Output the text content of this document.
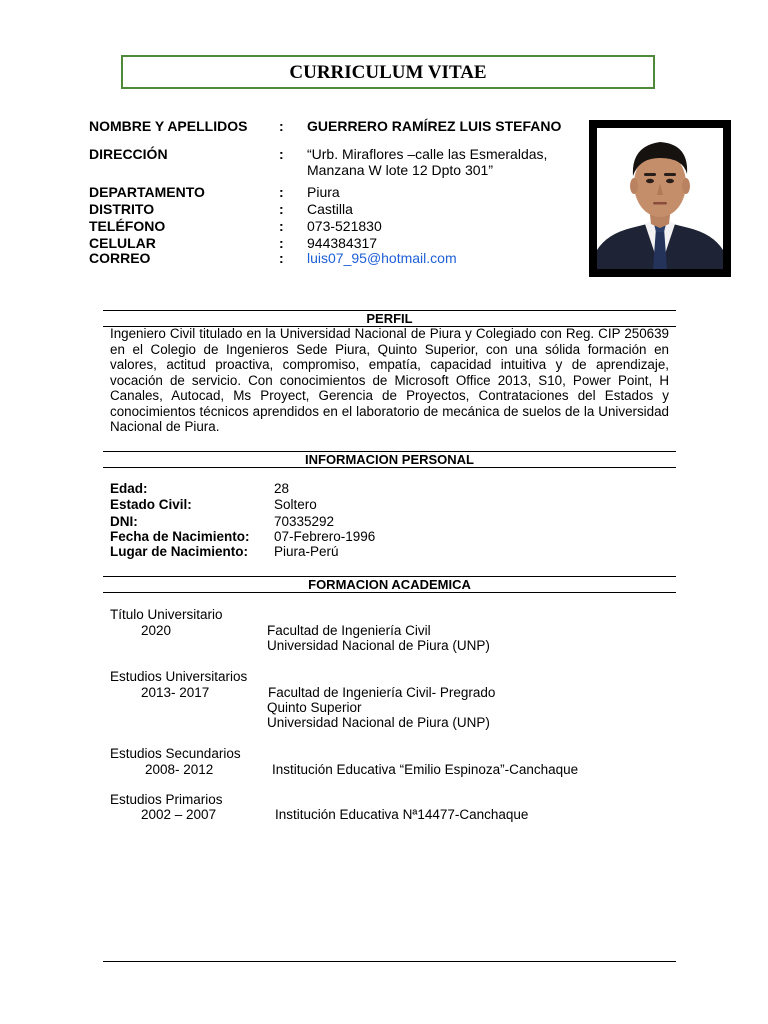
CURRICULUM VITAE
NOMBRE Y APELLIDOS : GUERRERO RAMÍREZ LUIS STEFANO
DIRECCIÓN	: “Urb. Miraflores –calle las Esmeraldas,
Manzana W lote 12 Dpto 301”
DEPARTAMENTO	: Piura
DISTRITO	: Castilla
TELÉFONO	: 073-521830
CELULAR	: 944384317
CORREO	: luis07_95@hotmail.com
PERFIL
Ingeniero Civil titulado en la Universidad Nacional de Piura y Colegiado con Reg. CIP 250639 en el Colegio de Ingenieros Sede Piura, Quinto Superior, con una sólida formación en valores, actitud proactiva, compromiso, empatía, capacidad intuitiva y de aprendizaje, vocación de servicio. Con conocimientos de Microsoft Office 2013, S10, Power Point, H Canales, Autocad, Ms Proyect, Gerencia de Proyectos, Contrataciones del Estados y conocimientos técnicos aprendidos en el laboratorio de mecánica de suelos de la Universidad Nacional de Piura.
INFORMACION PERSONAL
Edad:	28
Estado Civil:	Soltero
DNI:	70335292
Fecha de Nacimiento: 07-Febrero-1996
Lugar de Nacimiento: Piura-Perú
FORMACION ACADEMICA
Título Universitario
2020	Facultad de Ingeniería Civil
Universidad Nacional de Piura (UNP)
Estudios Universitarios
2013- 2017	Facultad de Ingeniería Civil- Pregrado
Quinto Superior
Universidad Nacional de Piura (UNP)
Estudios Secundarios
2008- 2012	Institución Educativa “Emilio Espinoza”-Canchaque
Estudios Primarios
2002 – 2007	Institución Educativa Nª14477-Canchaque
